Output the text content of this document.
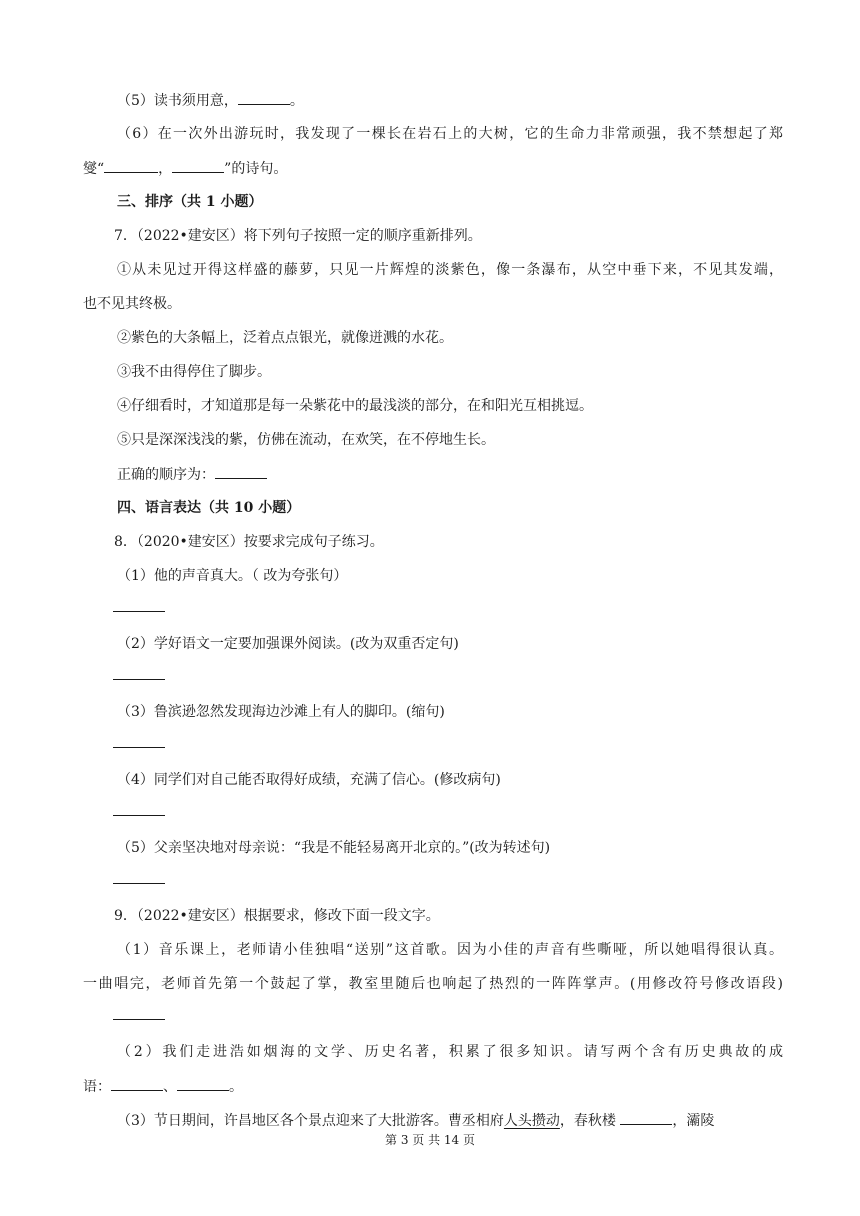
（5）读书须用意，	。
（6）在一次外出游玩时，我发现了一棵长在岩石上的大树，它的生命力非常顽强，我不禁想起了郑
燮“	，	”的诗句。
三、排序（共 1 小题）
7．（2022•建安区）将下列句子按照一定的顺序重新排列。
①从未见过开得这样盛的藤萝，只见一片辉煌的淡紫色，像一条瀑布，从空中垂下来，不见其发端，
也不见其终极。
②紫色的大条幅上，泛着点点银光，就像迸溅的水花。
③我不由得停住了脚步。
④仔细看时，才知道那是每一朵紫花中的最浅淡的部分，在和阳光互相挑逗。
⑤只是深深浅浅的紫，仿佛在流动，在欢笑，在不停地生长。
正确的顺序为：
四、语言表达（共 10 小题）
8．（2020•建安区）按要求完成句子练习。
（1）他的声音真大。（ 改为夸张句）
（2）学好语文一定要加强课外阅读。(改为双重否定句)
（3）鲁滨逊忽然发现海边沙滩上有人的脚印。(缩句)
（4）同学们对自己能否取得好成绩，充满了信心。(修改病句)
（5）父亲坚决地对母亲说：“我是不能轻易离开北京的。”(改为转述句)
9．（2022•建安区）根据要求，修改下面一段文字。
（1）音乐课上，老师请小佳独唱“送别”这首歌。因为小佳的声音有些嘶哑，所以她唱得很认真。
一曲唱完，老师首先第一个鼓起了掌，教室里随后也响起了热烈的一阵阵掌声。(用修改符号修改语段)
（2）我们走进浩如烟海的文学、历史名著，积累了很多知识。请写两个含有历史典故的成
语：	、	。
（3）节日期间，许昌地区各个景点迎来了大批游客。曹丞相府人头攒动，春秋楼	，灞陵
第 3 页 共 14 页
